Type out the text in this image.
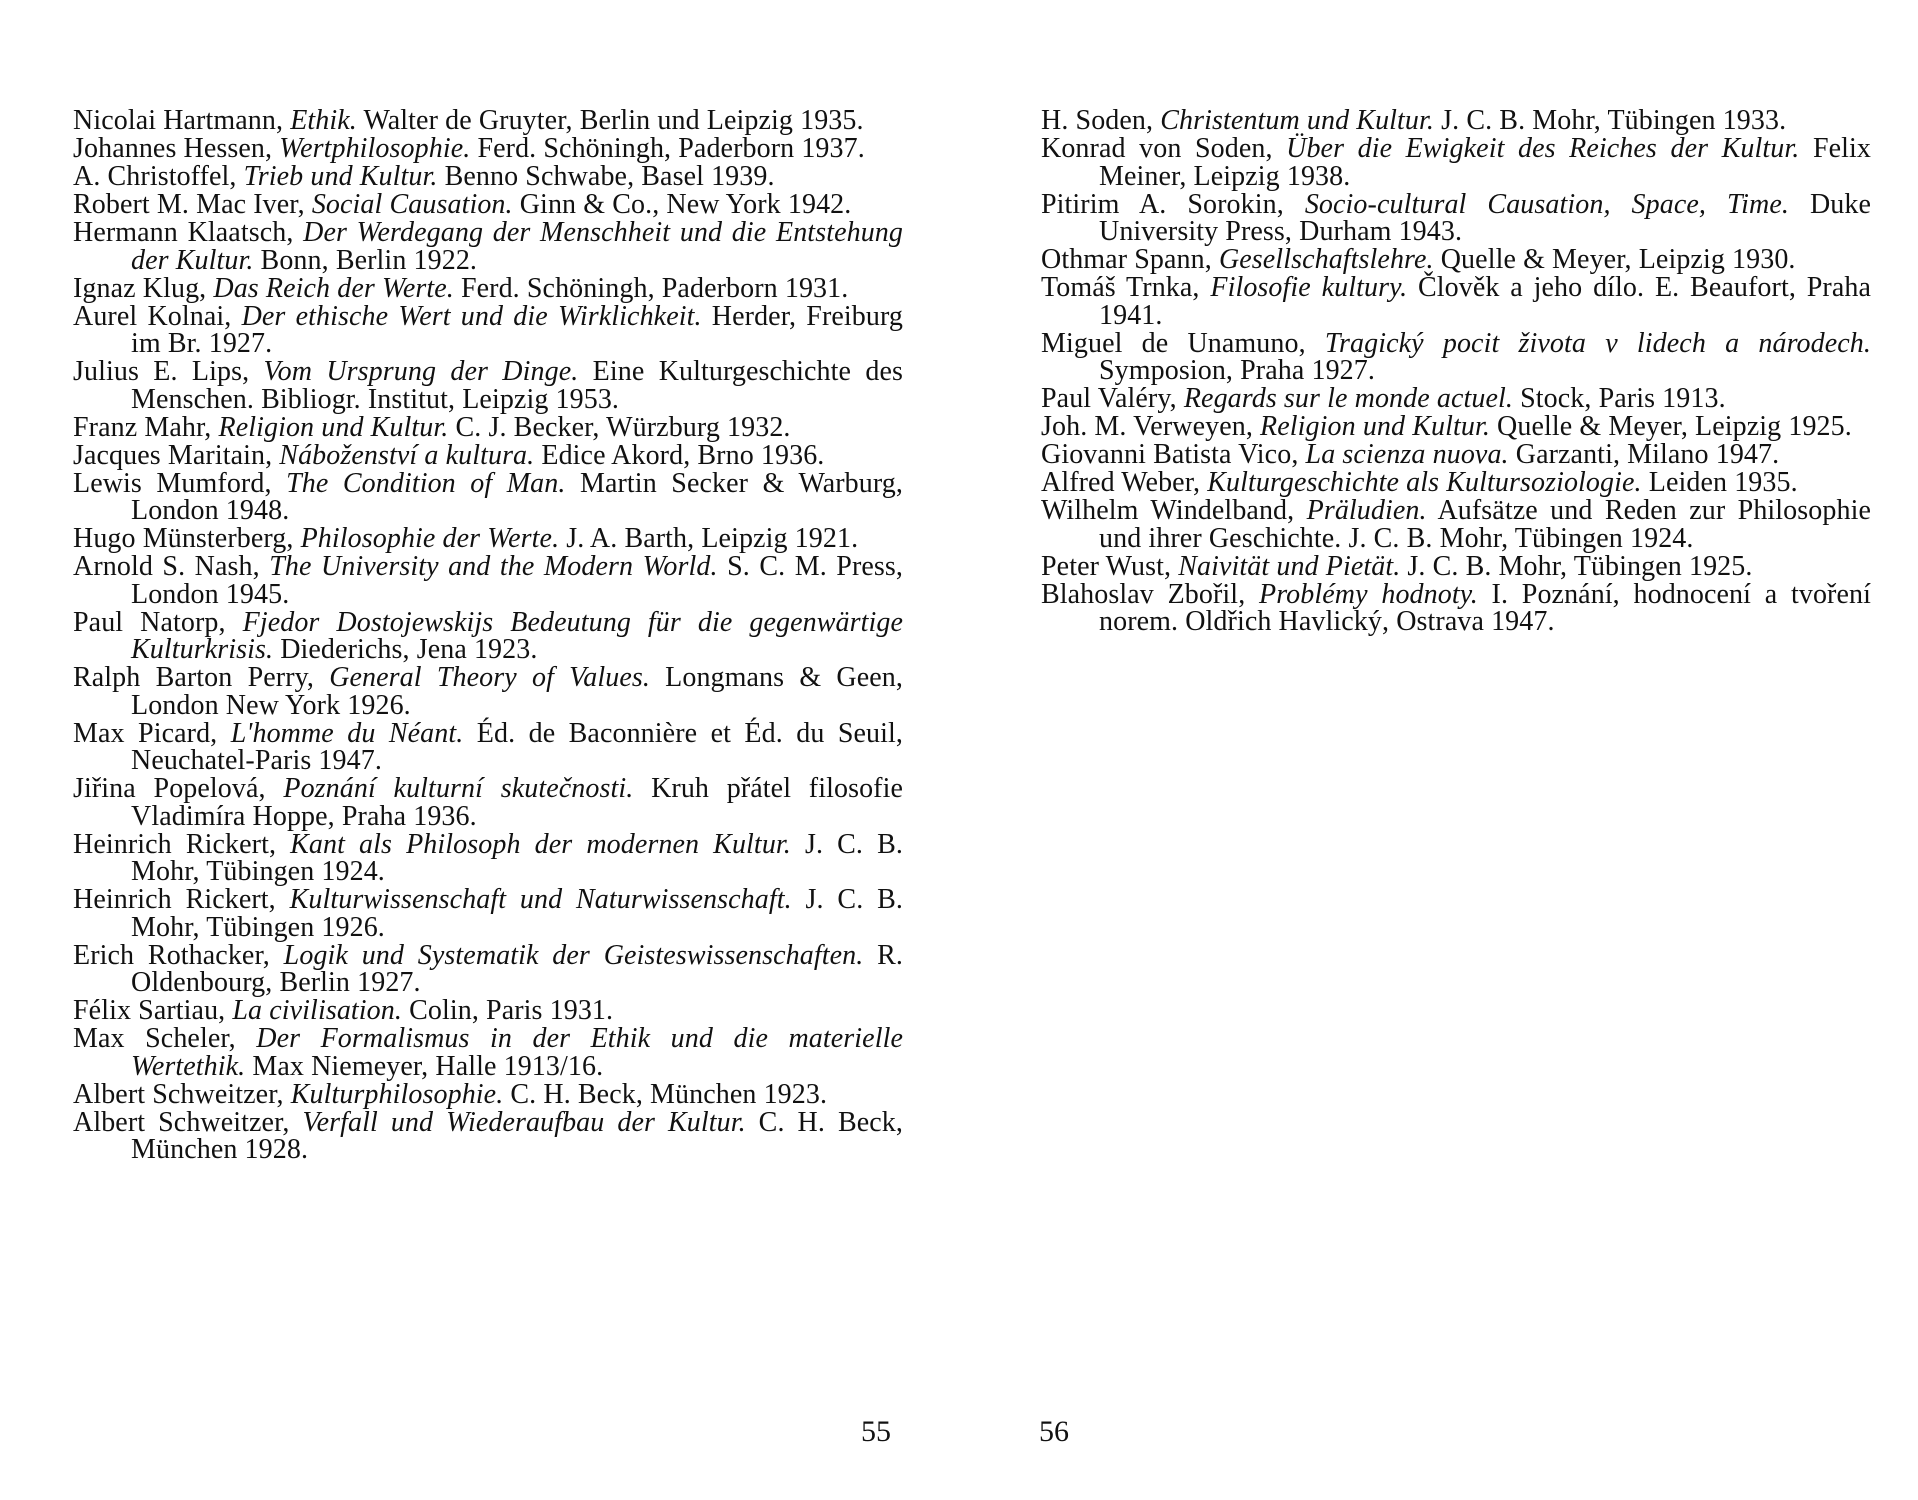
Nicolai Hartmann, Ethik. Walter de Gruyter, Berlin und Leipzig 1935.

Johannes Hessen, Wertphilosophie. Ferd. Schöningh, Paderborn 1937.

A. Christoffel, Trieb und Kultur. Benno Schwabe, Basel 1939.

Robert M. Mac Iver, Social Causation. Ginn & Co., New York 1942.

Hermann Klaatsch, Der Werdegang der Menschheit und die Entstehung der Kultur. Bonn, Berlin 1922.

Ignaz Klug, Das Reich der Werte. Ferd. Schöningh, Paderborn 1931.

Aurel Kolnai, Der ethische Wert und die Wirklichkeit. Herder, Freiburg im Br. 1927.

Julius E. Lips, Vom Ursprung der Dinge. Eine Kulturgeschichte des Menschen. Bibliogr. Institut, Leipzig 1953.

Franz Mahr, Religion und Kultur. C. J. Becker, Würzburg 1932.

Jacques Maritain, Náboženství a kultura. Edice Akord, Brno 1936.

Lewis Mumford, The Condition of Man. Martin Secker & Warburg, London 1948.

Hugo Münsterberg, Philosophie der Werte. J. A. Barth, Leipzig 1921.

Arnold S. Nash, The University and the Modern World. S. C. M. Press, London 1945.

Paul Natorp, Fjedor Dostojewskijs Bedeutung für die gegenwärtige Kulturkrisis. Diederichs, Jena 1923.

Ralph Barton Perry, General Theory of Values. Longmans & Geen, London New York 1926.

Max Picard, L'homme du Néant. Éd. de Baconnière et Éd. du Seuil, Neuchatel-Paris 1947.

Jiřina Popelová, Poznání kulturní skutečnosti. Kruh přátel filosofie Vladimíra Hoppe, Praha 1936.

Heinrich Rickert, Kant als Philosoph der modernen Kultur. J. C. B. Mohr, Tübingen 1924.

Heinrich Rickert, Kulturwissenschaft und Naturwissenschaft. J. C. B. Mohr, Tübingen 1926.

Erich Rothacker, Logik und Systematik der Geisteswissenschaften. R. Oldenbourg, Berlin 1927.

Félix Sartiau, La civilisation. Colin, Paris 1931.

Max Scheler, Der Formalismus in der Ethik und die materielle Wertethik. Max Niemeyer, Halle 1913/16.

Albert Schweitzer, Kulturphilosophie. C. H. Beck, München 1923.

Albert Schweitzer, Verfall und Wiederaufbau der Kultur. C. H. Beck, München 1928.

55

H. Soden, Christentum und Kultur. J. C. B. Mohr, Tübingen 1933.

Konrad von Soden, Über die Ewigkeit des Reiches der Kultur. Felix Meiner, Leipzig 1938.

Pitirim A. Sorokin, Socio-cultural Causation, Space, Time. Duke University Press, Durham 1943.

Othmar Spann, Gesellschaftslehre. Quelle & Meyer, Leipzig 1930.

Tomáš Trnka, Filosofie kultury. Člověk a jeho dílo. E. Beaufort, Praha 1941.

Miguel de Unamuno, Tragický pocit života v lidech a národech. Symposion, Praha 1927.

Paul Valéry, Regards sur le monde actuel. Stock, Paris 1913.

Joh. M. Verweyen, Religion und Kultur. Quelle & Meyer, Leipzig 1925.

Giovanni Batista Vico, La scienza nuova. Garzanti, Milano 1947.

Alfred Weber, Kulturgeschichte als Kultursoziologie. Leiden 1935.

Wilhelm Windelband, Präludien. Aufsätze und Reden zur Philosophie und ihrer Geschichte. J. C. B. Mohr, Tübingen 1924.

Peter Wust, Naivität und Pietät. J. C. B. Mohr, Tübingen 1925.

Blahoslav Zbořil, Problémy hodnoty. I. Poznání, hodnocení a tvoření norem. Oldřich Havlický, Ostrava 1947.

56
